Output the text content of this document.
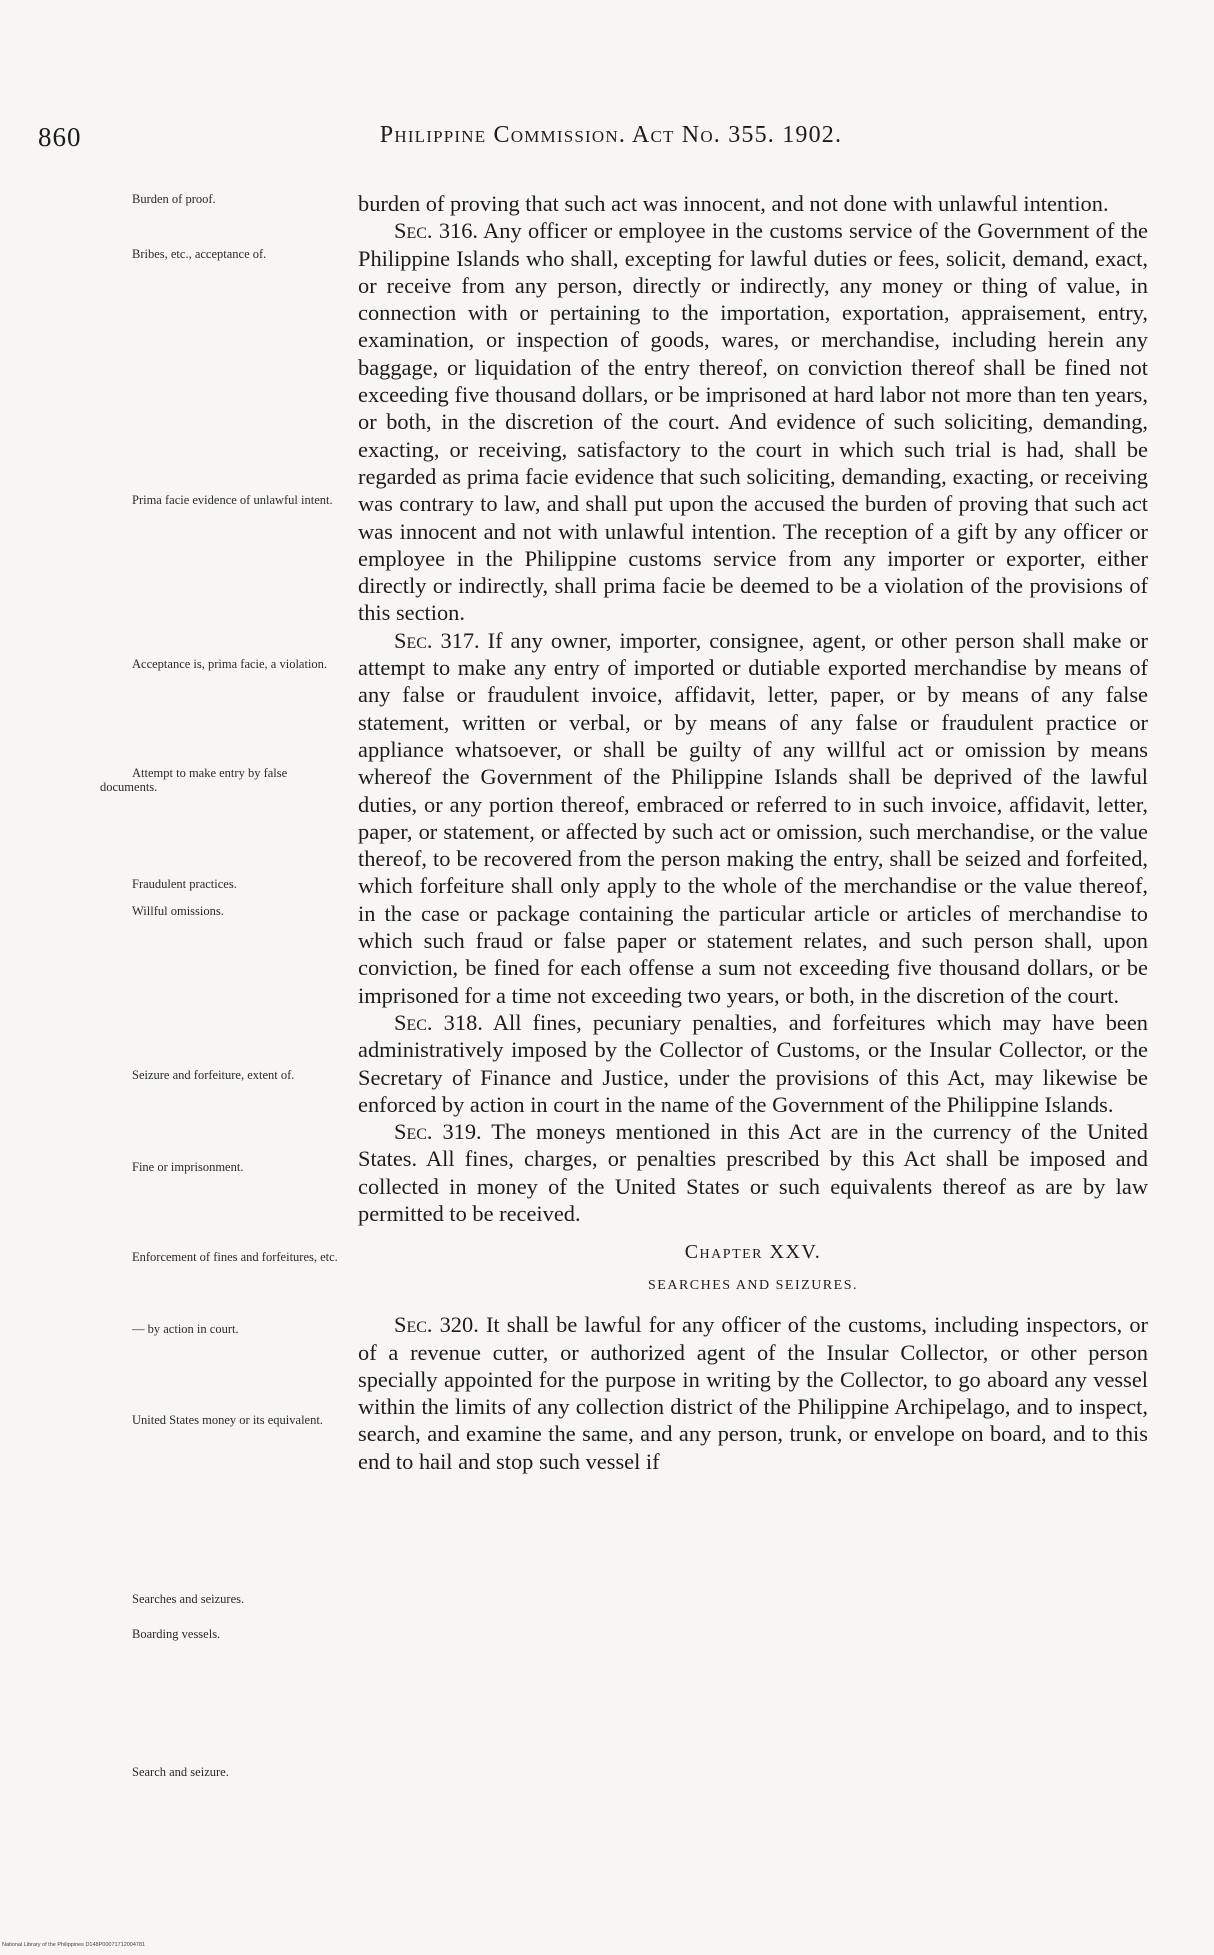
860	Philippine Commission. Act No. 355. 1902.
Burden of proof.
Bribes, etc., acceptance of.
Prima facie evidence of unlawful intent.
Acceptance is, prima facie, a violation.
Attempt to make entry by false documents.
Fraudulent practices.
Willful omissions.
Seizure and forfeiture, extent of.
Fine or imprisonment.
Enforcement of fines and forfeitures, etc.
— by action in court.
United States money or its equivalent.
Searches and seizures.
Boarding vessels.
Search and seizure.

burden of proving that such act was innocent, and not done with unlawful intention.

Sec. 316. Any officer or employee in the customs service of the Government of the Philippine Islands who shall, excepting for lawful duties or fees, solicit, demand, exact, or receive from any person, directly or indirectly, any money or thing of value, in connection with or pertaining to the importation, exportation, appraisement, entry, examination, or inspection of goods, wares, or merchandise, including herein any baggage, or liquidation of the entry thereof, on conviction thereof shall be fined not exceeding five thousand dollars, or be imprisoned at hard labor not more than ten years, or both, in the discretion of the court. And evidence of such soliciting, demanding, exacting, or receiving, satisfactory to the court in which such trial is had, shall be regarded as prima facie evidence that such soliciting, demanding, exacting, or receiving was contrary to law, and shall put upon the accused the burden of proving that such act was innocent and not with unlawful intention. The reception of a gift by any officer or employee in the Philippine customs service from any importer or exporter, either directly or indirectly, shall prima facie be deemed to be a violation of the provisions of this section.

Sec. 317. If any owner, importer, consignee, agent, or other person shall make or attempt to make any entry of imported or dutiable exported merchandise by means of any false or fraudulent invoice, affidavit, letter, paper, or by means of any false statement, written or verbal, or by means of any false or fraudulent practice or appliance whatsoever, or shall be guilty of any willful act or omission by means whereof the Government of the Philippine Islands shall be deprived of the lawful duties, or any portion thereof, embraced or referred to in such invoice, affidavit, letter, paper, or statement, or affected by such act or omission, such merchandise, or the value thereof, to be recovered from the person making the entry, shall be seized and forfeited, which forfeiture shall only apply to the whole of the merchandise or the value thereof, in the case or package containing the particular article or articles of merchandise to which such fraud or false paper or statement relates, and such person shall, upon conviction, be fined for each offense a sum not exceeding five thousand dollars, or be imprisoned for a time not exceeding two years, or both, in the discretion of the court.

Sec. 318. All fines, pecuniary penalties, and forfeitures which may have been administratively imposed by the Collector of Customs, or the Insular Collector, or the Secretary of Finance and Justice, under the provisions of this Act, may likewise be enforced by action in court in the name of the Government of the Philippine Islands.

Sec. 319. The moneys mentioned in this Act are in the currency of the United States. All fines, charges, or penalties prescribed by this Act shall be imposed and collected in money of the United States or such equivalents thereof as are by law permitted to be received.

Chapter XXV.
SEARCHES AND SEIZURES.

Sec. 320. It shall be lawful for any officer of the customs, including inspectors, or of a revenue cutter, or authorized agent of the Insular Collector, or other person specially appointed for the purpose in writing by the Collector, to go aboard any vessel within the limits of any collection district of the Philippine Archipelago, and to inspect, search, and examine the same, and any person, trunk, or envelope on board, and to this end to hail and stop such vessel if

National Library of the Philippines D148P00071712004781
